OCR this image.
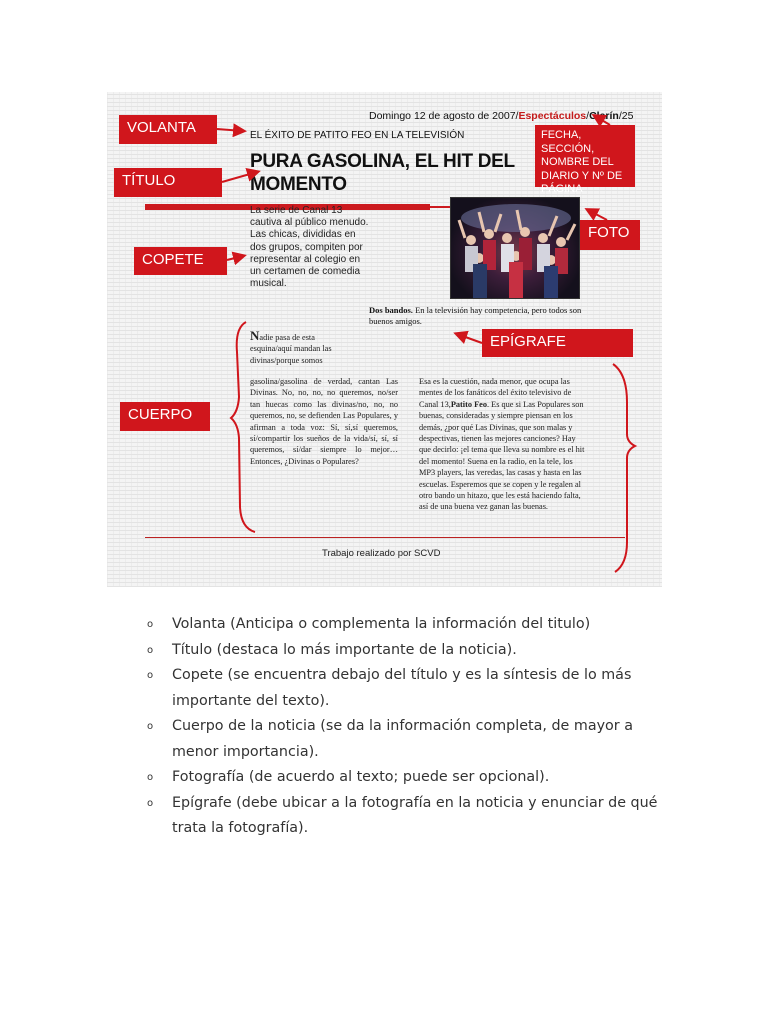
Domingo 12 de agosto de 2007/Espectáculos/Clarín/25
EL ÉXITO DE PATITO FEO EN LA TELEVISIÓN
PURA GASOLINA, EL HIT DEL MOMENTO
La serie de Canal 13 cautiva al público menudo. Las chicas, divididas en dos grupos, compiten por representar al colegio en un certamen de comedia musical.
Dos bandos. En la televisión hay competencia, pero todos son buenos amigos.
Nadie pasa de esta esquina/aquí mandan las divinas/porque somos
gasolina/gasolina de verdad, cantan Las Divinas. No, no, no, no queremos, no/ser tan huecas como las divinas/no, no, no queremos, no, se defienden Las Populares, y afirman a toda voz: Sí, sí,sí queremos, sí/compartir los sueños de la vida/sí, sí, sí queremos, sí/dar siempre lo mejor… Entonces, ¿Divinas o Populares?
Esa es la cuestión, nada menor, que ocupa las mentes de los fanáticos del éxito televisivo de Canal 13,Patito Feo. Es que si Las Populares son buenas, consideradas y siempre piensan en los demás, ¿por qué Las Divinas, que son malas y despectivas, tienen las mejores canciones? Hay que decirlo: ¡el tema que lleva su nombre es el hit del momento! Suena en la radio, en la tele, los MP3 players, las veredas, las casas y hasta en las escuelas. Esperemos que se copen y le regalen al otro bando un hitazo, que les está haciendo falta, así de una buena vez ganan las buenas.
Trabajo realizado por SCVD
VOLANTA
TÍTULO
COPETE
CUERPO
FECHA, SECCIÓN, NOMBRE DEL DIARIO Y Nº DE PÁGINA
FOTO
EPÍGRAFE
o Volanta (Anticipa o complementa la información del titulo)
o Título (destaca lo más importante de la noticia).
o Copete (se encuentra debajo del título y es la síntesis de lo más importante del texto).
o Cuerpo de la noticia (se da la información completa, de mayor a menor importancia).
o Fotografía (de acuerdo al texto; puede ser opcional).
o Epígrafe (debe ubicar a la fotografía en la noticia y enunciar de qué trata la fotografía).
